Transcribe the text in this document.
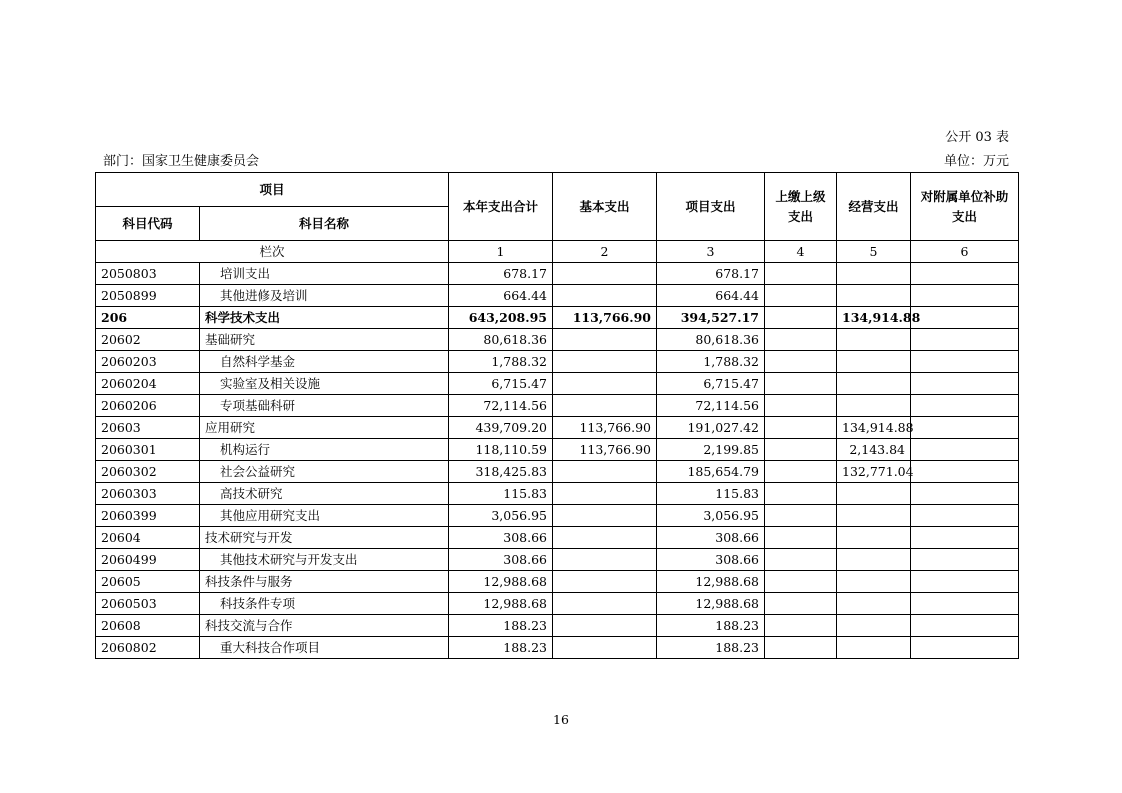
公开 03 表
部门：国家卫生健康委员会	单位：万元
项目		本年支出合计	基本支出	项目支出	上缴上级支出	经营支出	对附属单位补助支出
科目代码	科目名称						
栏次		1	2	3	4	5	6
2050803	培训支出	678.17		678.17			
2050899	其他进修及培训	664.44		664.44			
206	科学技术支出	643,208.95	113,766.90	394,527.17		134,914.88	
20602	基础研究	80,618.36		80,618.36			
2060203	自然科学基金	1,788.32		1,788.32			
2060204	实验室及相关设施	6,715.47		6,715.47			
2060206	专项基础科研	72,114.56		72,114.56			
20603	应用研究	439,709.20	113,766.90	191,027.42		134,914.88	
2060301	机构运行	118,110.59	113,766.90	2,199.85		2,143.84	
2060302	社会公益研究	318,425.83		185,654.79		132,771.04	
2060303	高技术研究	115.83		115.83			
2060399	其他应用研究支出	3,056.95		3,056.95			
20604	技术研究与开发	308.66		308.66			
2060499	其他技术研究与开发支出	308.66		308.66			
20605	科技条件与服务	12,988.68		12,988.68			
2060503	科技条件专项	12,988.68		12,988.68			
20608	科技交流与合作	188.23		188.23			
2060802	重大科技合作项目	188.23		188.23			
16
